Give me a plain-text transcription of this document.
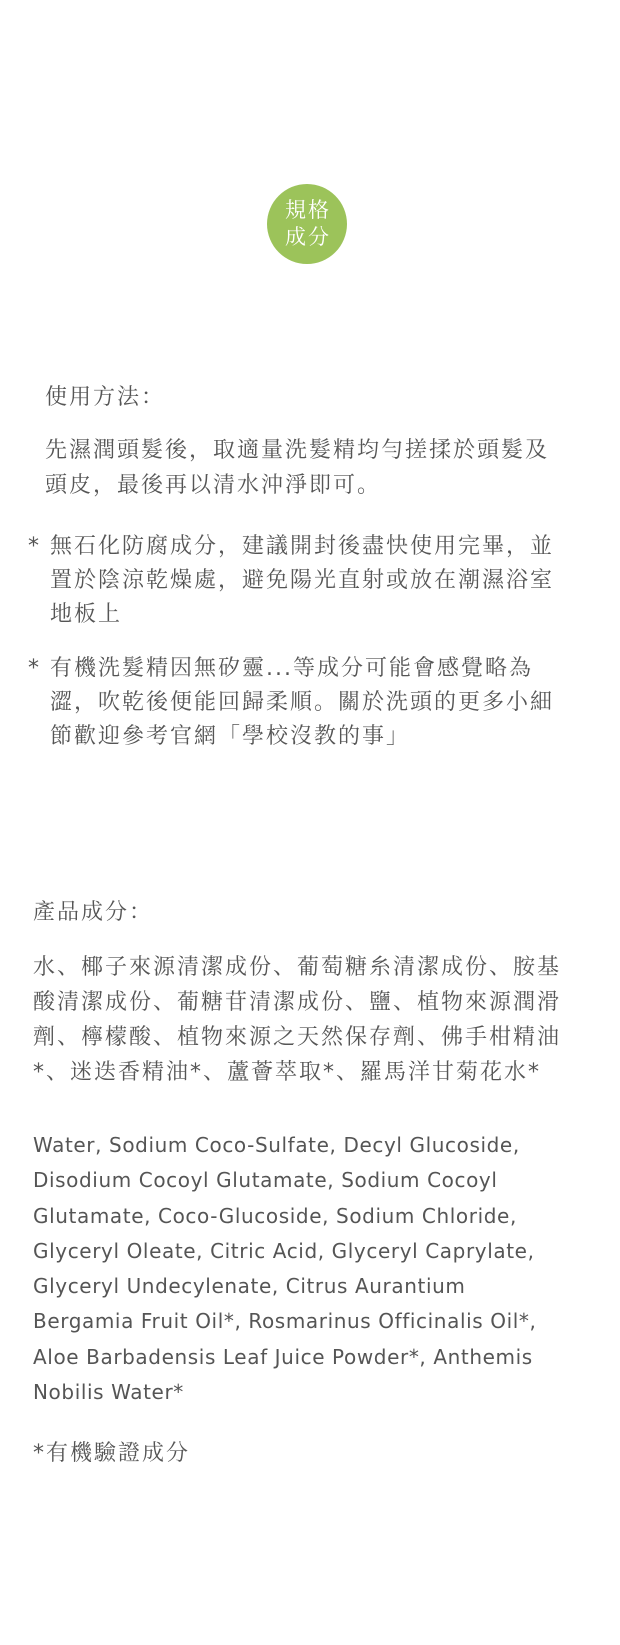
規格
成分

使用方法：

先濕潤頭髮後，取適量洗髮精均勻搓揉於頭髮及頭皮，最後再以清水沖淨即可。

* 無石化防腐成分，建議開封後盡快使用完畢，並置於陰涼乾燥處，避免陽光直射或放在潮濕浴室地板上
* 有機洗髮精因無矽靈...等成分可能會感覺略為澀，吹乾後便能回歸柔順。關於洗頭的更多小細節歡迎參考官網「學校沒教的事」

產品成分：

水、椰子來源清潔成份、葡萄糖糸清潔成份、胺基酸清潔成份、葡糖苷清潔成份、鹽、植物來源潤滑劑、檸檬酸、植物來源之天然保存劑、佛手柑精油*、迷迭香精油*、蘆薈萃取*、羅馬洋甘菊花水*

Water, Sodium Coco-Sulfate, Decyl Glucoside, Disodium Cocoyl Glutamate, Sodium Cocoyl Glutamate, Coco-Glucoside, Sodium Chloride, Glyceryl Oleate, Citric Acid, Glyceryl Caprylate, Glyceryl Undecylenate, Citrus Aurantium Bergamia Fruit Oil*, Rosmarinus Officinalis Oil*, Aloe Barbadensis Leaf Juice Powder*, Anthemis Nobilis Water*

*有機驗證成分
